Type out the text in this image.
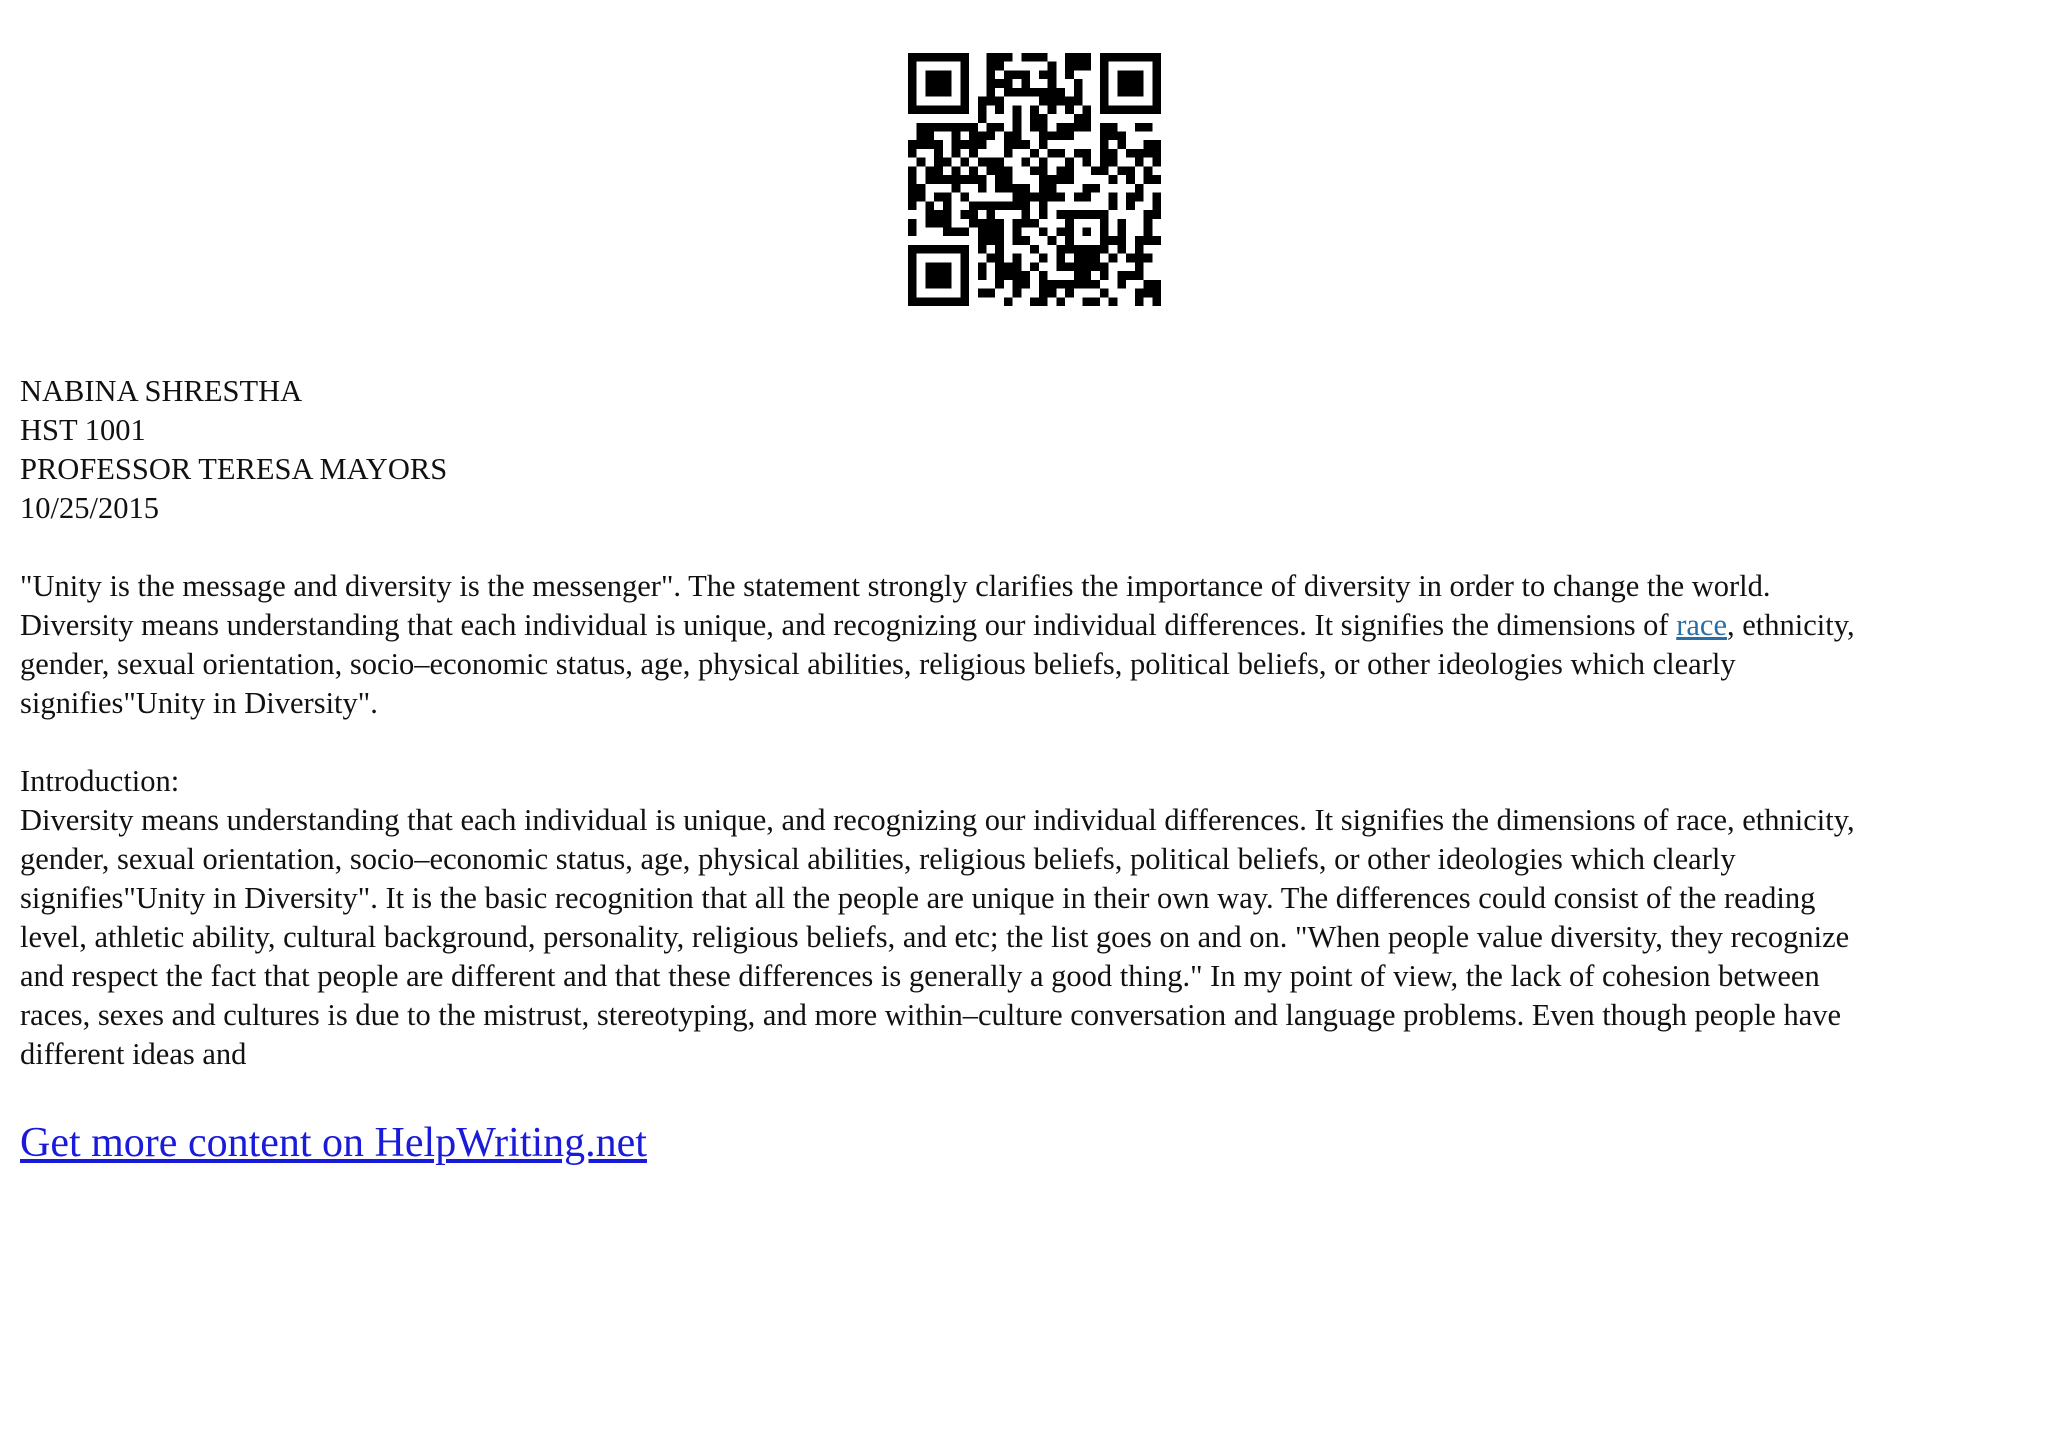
NABINA SHRESTHA
HST 1001
PROFESSOR TERESA MAYORS
10/25/2015
"Unity is the message and diversity is the messenger". The statement strongly clarifies the importance of diversity in order to change the world.
Diversity means understanding that each individual is unique, and recognizing our individual differences. It signifies the dimensions of race, ethnicity,
gender, sexual orientation, socio–economic status, age, physical abilities, religious beliefs, political beliefs, or other ideologies which clearly
signifies"Unity in Diversity".
Introduction:
Diversity means understanding that each individual is unique, and recognizing our individual differences. It signifies the dimensions of race, ethnicity,
gender, sexual orientation, socio–economic status, age, physical abilities, religious beliefs, political beliefs, or other ideologies which clearly
signifies"Unity in Diversity". It is the basic recognition that all the people are unique in their own way. The differences could consist of the reading
level, athletic ability, cultural background, personality, religious beliefs, and etc; the list goes on and on. "When people value diversity, they recognize
and respect the fact that people are different and that these differences is generally a good thing." In my point of view, the lack of cohesion between
races, sexes and cultures is due to the mistrust, stereotyping, and more within–culture conversation and language problems. Even though people have
different ideas and
Get more content on HelpWriting.net
